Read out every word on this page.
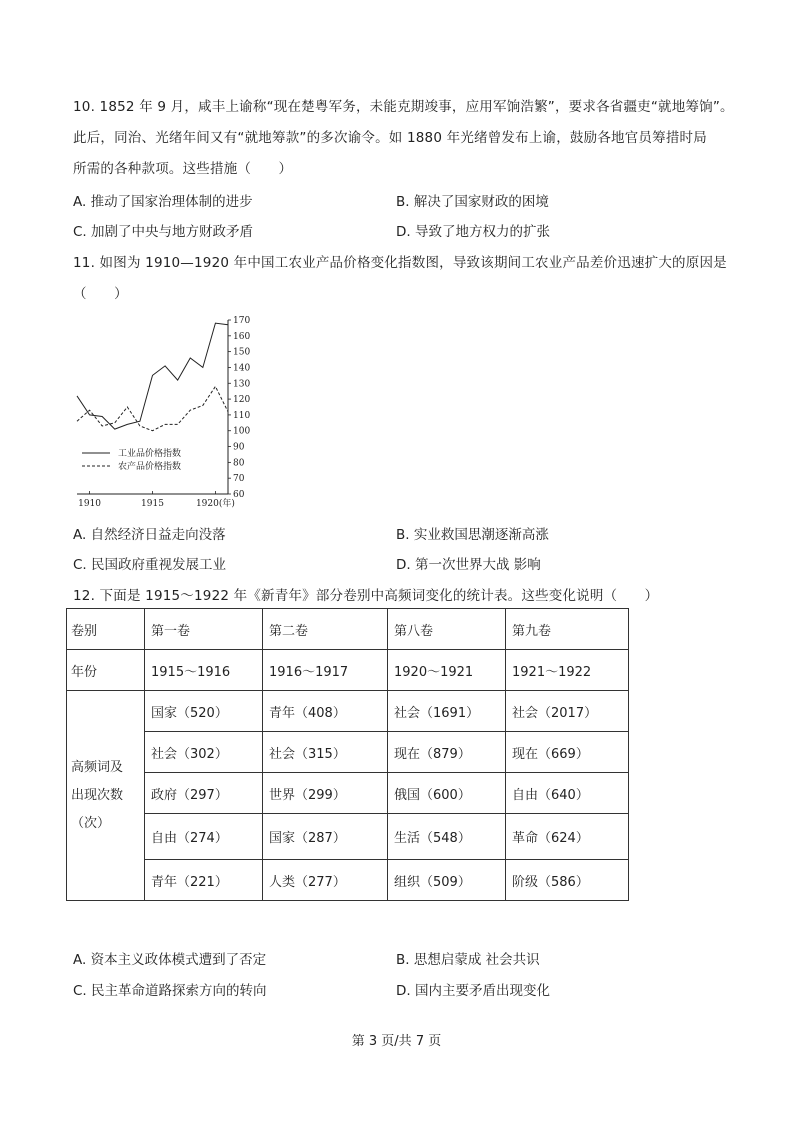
10. 1852 年 9 月，咸丰上谕称“现在楚粤军务，未能克期竣事，应用军饷浩繁”，要求各省疆吏“就地筹饷”。
此后，同治、光绪年间又有“就地筹款”的多次谕令。如 1880 年光绪曾发布上谕，鼓励各地官员筹措时局
所需的各种款项。这些措施（　　）
A. 推动了国家治理体制的进步	B. 解决了国家财政的困境
C. 加剧了中央与地方财政矛盾	D. 导致了地方权力的扩张
11. 如图为 1910—1920 年中国工农业产品价格变化指数图，导致该期间工农业产品差价迅速扩大的原因是
（　　）
170
160
150
140
130
120
110
100
90
80
70
60
1910	1915	1920(年)
工业品价格指数
农产品价格指数
A. 自然经济日益走向没落	B. 实业救国思潮逐渐高涨
C. 民国政府重视发展工业	D. 第一次世界大战 影响
12. 下面是 1915～1922 年《新青年》部分卷别中高频词变化的统计表。这些变化说明（　　）
卷别	第一卷	第二卷	第八卷	第九卷
年份	1915～1916	1916～1917	1920～1921	1921～1922

高频词及
出现次数
（次）	国家（520）	青年（408）	社会（1691）	社会（2017）
	社会（302）	社会（315）	现在（879）	现在（669）
	政府（297）	世界（299）	俄国（600）	自由（640）
	自由（274）	国家（287）	生活（548）	革命（624）
	青年（221）	人类（277）	组织（509）	阶级（586）
A. 资本主义政体模式遭到了否定	B. 思想启蒙成 社会共识
C. 民主革命道路探索方向的转向	D. 国内主要矛盾出现变化
第 3 页/共 7 页
